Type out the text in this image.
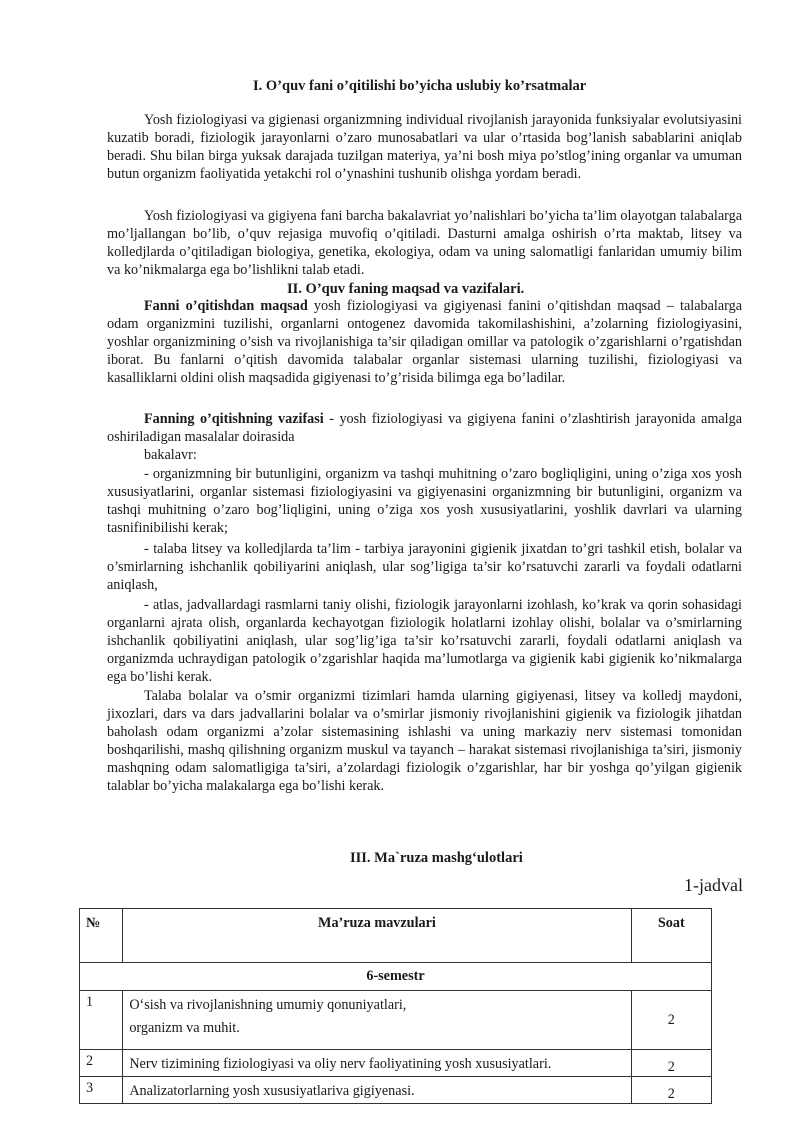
I. O’quv fani o’qitilishi bo’yicha uslubiy ko’rsatmalar

Yosh fiziologiyasi va gigienasi organizmning individual rivojlanish jarayonida funksiyalar evolutsiyasini kuzatib boradi, fiziologik jarayonlarni o’zaro munosabatlari va ular o’rtasida bog’lanish sabablarini aniqlab beradi. Shu bilan birga yuksak darajada tuzilgan materiya, ya’ni bosh miya po’stlog’ining organlar va umuman butun organizm faoliyatida yetakchi rol o’ynashini tushunib olishga yordam beradi.

Yosh fiziologiyasi va gigiyena fani barcha bakalavriat yo’nalishlari bo’yicha ta’lim olayotgan talabalarga mo’ljallangan bo’lib, o’quv rejasiga muvofiq o’qitiladi. Dasturni amalga oshirish o’rta maktab, litsey va kolledjlarda o’qitiladigan biologiya, genetika, ekologiya, odam va uning salomatligi fanlaridan umumiy bilim va ko’nikmalarga ega bo’lishlikni talab etadi.

II. O’quv faning maqsad va vazifalari.

Fanni o’qitishdan maqsad yosh fiziologiyasi va gigiyenasi fanini o’qitishdan maqsad – talabalarga odam organizmini tuzilishi, organlarni ontogenez davomida takomilashishini, a’zolarning fiziologiyasini, yoshlar organizmining o’sish va rivojlanishiga ta’sir qiladigan omillar va patologik o’zgarishlarni o’rgatishdan iborat. Bu fanlarni o’qitish davomida talabalar organlar sistemasi ularning tuzilishi, fiziologiyasi va kasalliklarni oldini olish maqsadida gigiyenasi to’g’risida bilimga ega bo’ladilar.

Fanning o’qitishning vazifasi - yosh fiziologiyasi va gigiyena fanini o’zlashtirish jarayonida amalga oshiriladigan masalalar doirasida

bakalavr:

- organizmning bir butunligini, organizm va tashqi muhitning o’zaro bogliqligini, uning o’ziga xos yosh xususiyatlarini, organlar sistemasi fiziologiyasini va gigiyenasini organizmning bir butunligini, organizm va tashqi muhitning o’zaro bog’liqligini, uning o’ziga xos yosh xususiyatlarini, yoshlik davrlari va ularning tasnifinibilishi kerak;

- talaba litsey va kolledjlarda ta’lim - tarbiya jarayonini gigienik jixatdan to’gri tashkil etish, bolalar va o’smirlarning ishchanlik qobiliyarini aniqlash, ular sog’ligiga ta’sir ko’rsatuvchi zararli va foydali odatlarni aniqlash,

- atlas, jadvallardagi rasmlarni taniy olishi, fiziologik jarayonlarni izohlash, ko’krak va qorin sohasidagi organlarni ajrata olish, organlarda kechayotgan fiziologik holatlarni izohlay olishi, bolalar va o’smirlarning ishchanlik qobiliyatini aniqlash, ular sog’lig’iga ta’sir ko’rsatuvchi zararli, foydali odatlarni aniqlash va organizmda uchraydigan patologik o’zgarishlar haqida ma’lumotlarga va gigienik kabi gigienik ko’nikmalarga ega bo’lishi kerak.

Talaba bolalar va o’smir organizmi tizimlari hamda ularning gigiyenasi, litsey va kolledj maydoni, jixozlari, dars va dars jadvallarini bolalar va o’smirlar jismoniy rivojlanishini gigienik va fiziologik jihatdan baholash odam organizmi a’zolar sistemasining ishlashi va uning markaziy nerv sistemasi tomonidan boshqarilishi, mashq qilishning organizm muskul va tayanch – harakat sistemasi rivojlanishiga ta’siri, jismoniy mashqning odam salomatligiga ta’siri, a’zolardagi fiziologik o’zgarishlar, har bir yoshga qo’yilgan gigienik talablar bo’yicha malakalarga ega bo’lishi kerak.

III. Ma`ruza mashg‘ulotlari

1-jadval

№	Ma’ruza mavzulari	Soat
6-semestr		
1	O‘sish va rivojlanishning umumiy qonuniyatlari,
organizm va muhit.	2
2	Nerv tizimining fiziologiyasi va oliy nerv faoliyatining yosh xususiyatlari.	2
3	Analizatorlarning yosh xususiyatlariva gigiyenasi.	2
